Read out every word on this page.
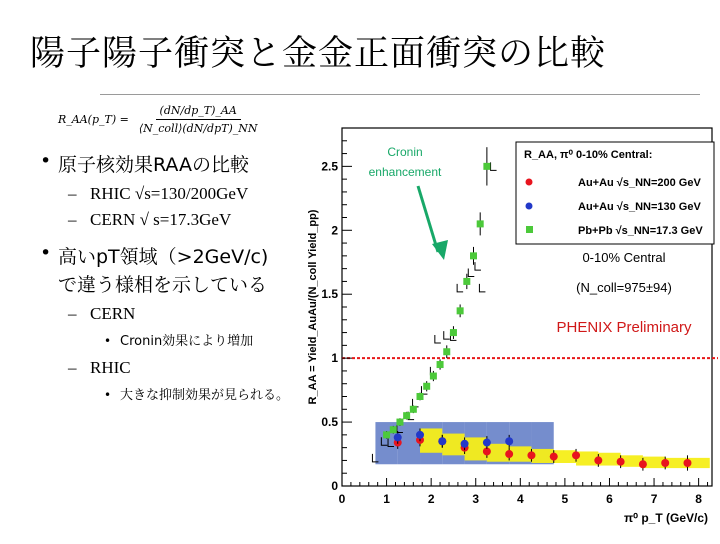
陽子陽子衝突と金金正面衝突の比較
R_AA(p_T) = $\frac{(dN/dp\_T)\_AA}{\text{⟨N\_coll⟩(dN/dpT)\_NN}}$
• 原子核効果RAAの比較
– RHIC √s=130/200GeV
– CERN √ s=17.3GeV
• 高いpT領域（>2GeV/c)
で違う様相を示している
– CERN
• Cronin効果により増加
– RHIC
• 大きな抑制効果が見られる。
0	1	2	3	4	5	6	7	8
0
0.5
1
1.5
2
2.5
π⁰ p_T (GeV/c)
R_AA = Yield_AuAu/(N_coll Yield_pp)
R_AA, π⁰ 0-10% Central:
Au+Au √s_NN=200 GeV
Au+Au √s_NN=130 GeV
Pb+Pb √s_NN=17.3 GeV
Cronin
enhancement
0-10% Central
(N_coll=975±94)
PHENIX Preliminary
